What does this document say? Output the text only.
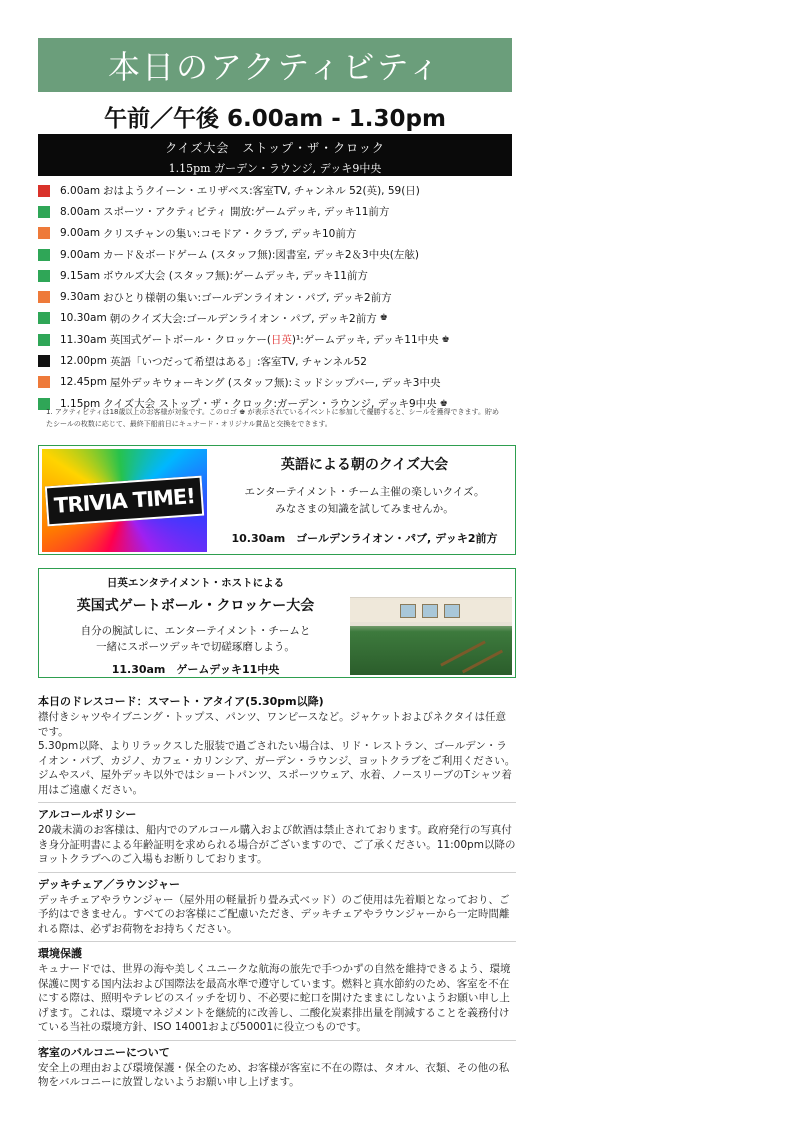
本日のアクティビティ
午前／午後 6.00am - 1.30pm
クイズ大会　ストップ・ザ・クロック
1.15pm ガーデン・ラウンジ, デッキ9中央
6.00am おはようクイーン・エリザベス:客室TV, チャンネル 52(英), 59(日)
8.00am スポーツ・アクティビティ 開放:ゲームデッキ, デッキ11前方
9.00am クリスチャンの集い:コモドア・クラブ, デッキ10前方
9.00am カード＆ボードゲーム (スタッフ無):図書室, デッキ2＆3中央(左舷)
9.15am ボウルズ大会 (スタッフ無):ゲームデッキ, デッキ11前方
9.30am おひとり様朝の集い:ゴールデンライオン・パブ, デッキ2前方
10.30am 朝のクイズ大会:ゴールデンライオン・パブ, デッキ2前方 ♚
11.30am 英国式ゲートボール・クロッケー( 日英 )¹:ゲームデッキ, デッキ11中央 ♚
12.00pm 英語「いつだって希望はある」:客室TV, チャンネル52
12.45pm 屋外デッキウォーキング (スタッフ無):ミッドシップバー, デッキ3中央
1.15pm クイズ大会 ストップ・ザ・クロック:ガーデン・ラウンジ, デッキ9中央 ♚
1. アクティビティは18歳以上のお客様が対象です。このロゴ ♚ が表示されているイベントに参加して優勝すると、シールを獲得できます。貯めたシールの枚数に応じて、最終下船前日にキュナード・オリジナル賞品と交換をできます。
TRIVIA TIME!
英語による朝のクイズ大会
エンターテイメント・チーム主催の楽しいクイズ。
みなさまの知識を試してみませんか。
10.30am　ゴールデンライオン・パブ, デッキ2前方
日英エンタテイメント・ホストによる
英国式ゲートボール・クロッケー大会
自分の腕試しに、エンターテイメント・チームと
一緒にスポーツデッキで切磋琢磨しよう。
11.30am　ゲームデッキ11中央
本日のドレスコード：スマート・アタイア(5.30pm以降)

襟付きシャツやイブニング・トップス、パンツ、ワンピースなど。ジャケットおよびネクタイは任意です。

5.30pm以降、よりリラックスした服装で過ごされたい場合は、リド・レストラン、ゴールデン・ライオン・パブ、カジノ、カフェ・カリンシア、ガーデン・ラウンジ、ヨットクラブをご利用ください。ジムやスパ、屋外デッキ以外ではショートパンツ、スポーツウェア、水着、ノースリーブのTシャツ着用はご遠慮ください。

アルコールポリシー

20歳未満のお客様は、船内でのアルコール購入および飲酒は禁止されております。政府発行の写真付き身分証明書による年齢証明を求められる場合がございますので、ご了承ください。11:00pm以降のヨットクラブへのご入場もお断りしております。

デッキチェア／ラウンジャー

デッキチェアやラウンジャー（屋外用の軽量折り畳み式ベッド）のご使用は先着順となっており、ご予約はできません。すべてのお客様にご配慮いただき、デッキチェアやラウンジャーから一定時間離れる際は、必ずお荷物をお持ちください。

環境保護

キュナードでは、世界の海や美しくユニークな航海の旅先で手つかずの自然を維持できるよう、環境保護に関する国内法および国際法を最高水準で遵守しています。燃料と真水節約のため、客室を不在にする際は、照明やテレビのスイッチを切り、不必要に蛇口を開けたままにしないようお願い申し上げます。これは、環境マネジメントを継続的に改善し、二酸化炭素排出量を削減することを義務付けている当社の環境方針、ISO 14001および50001に役立つものです。

客室のバルコニーについて

安全上の理由および環境保護・保全のため、お客様が客室に不在の際は、タオル、衣類、その他の私物をバルコニーに放置しないようお願い申し上げます。
